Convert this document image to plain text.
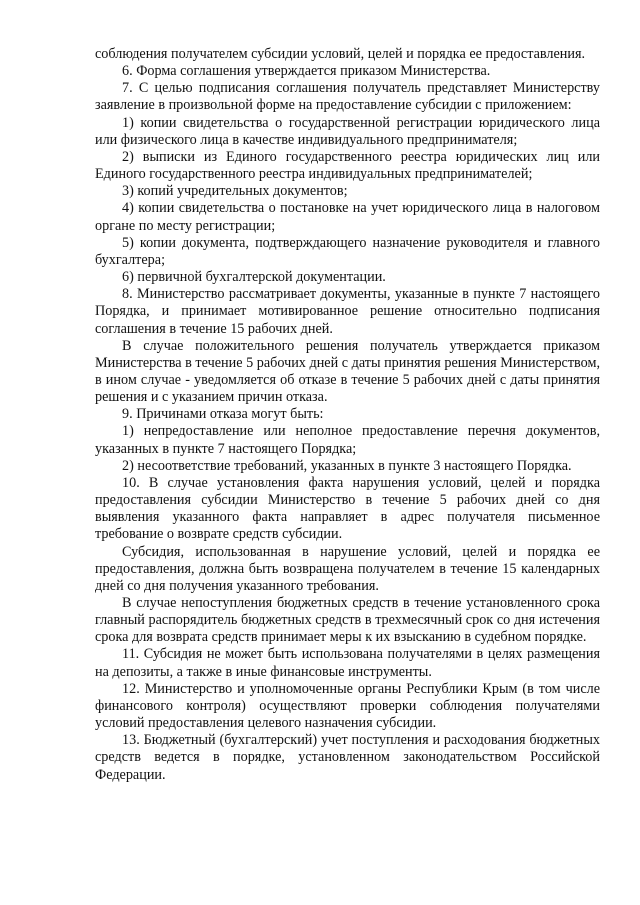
соблюдения получателем субсидии условий, целей и порядка ее предоставления.

6. Форма соглашения утверждается приказом Министерства.

7. С целью подписания соглашения получатель представляет Министерству заявление в произвольной форме на предоставление субсидии с приложением:

1) копии свидетельства о государственной регистрации юридического лица или физического лица в качестве индивидуального предпринимателя;

2) выписки из Единого государственного реестра юридических лиц или Единого государственного реестра индивидуальных предпринимателей;

3) копий учредительных документов;

4) копии свидетельства о постановке на учет юридического лица в налоговом органе по месту регистрации;

5) копии документа, подтверждающего назначение руководителя и главного бухгалтера;

6) первичной бухгалтерской документации.

8. Министерство рассматривает документы, указанные в пункте 7 настоящего Порядка, и принимает мотивированное решение относительно подписания соглашения в течение 15 рабочих дней.

В случае положительного решения получатель утверждается приказом Министерства в течение 5 рабочих дней с даты принятия решения Министерством, в ином случае - уведомляется об отказе в течение 5 рабочих дней с даты принятия решения и с указанием причин отказа.

9. Причинами отказа могут быть:

1) непредоставление или неполное предоставление перечня документов, указанных в пункте 7 настоящего Порядка;

2) несоответствие требований, указанных в пункте 3 настоящего Порядка.

10. В случае установления факта нарушения условий, целей и порядка предоставления субсидии Министерство в течение 5 рабочих дней со дня выявления указанного факта направляет в адрес получателя письменное требование о возврате средств субсидии.

Субсидия, использованная в нарушение условий, целей и порядка ее предоставления, должна быть возвращена получателем в течение 15 календарных дней со дня получения указанного требования.

В случае непоступления бюджетных средств в течение установленного срока главный распорядитель бюджетных средств в трехмесячный срок со дня истечения срока для возврата средств принимает меры к их взысканию в судебном порядке.

11. Субсидия не может быть использована получателями в целях размещения на депозиты, а также в иные финансовые инструменты.

12. Министерство и уполномоченные органы Республики Крым (в том числе финансового контроля) осуществляют проверки соблюдения получателями условий предоставления целевого назначения субсидии.

13. Бюджетный (бухгалтерский) учет поступления и расходования бюджетных средств ведется в порядке, установленном законодательством Российской Федерации.
